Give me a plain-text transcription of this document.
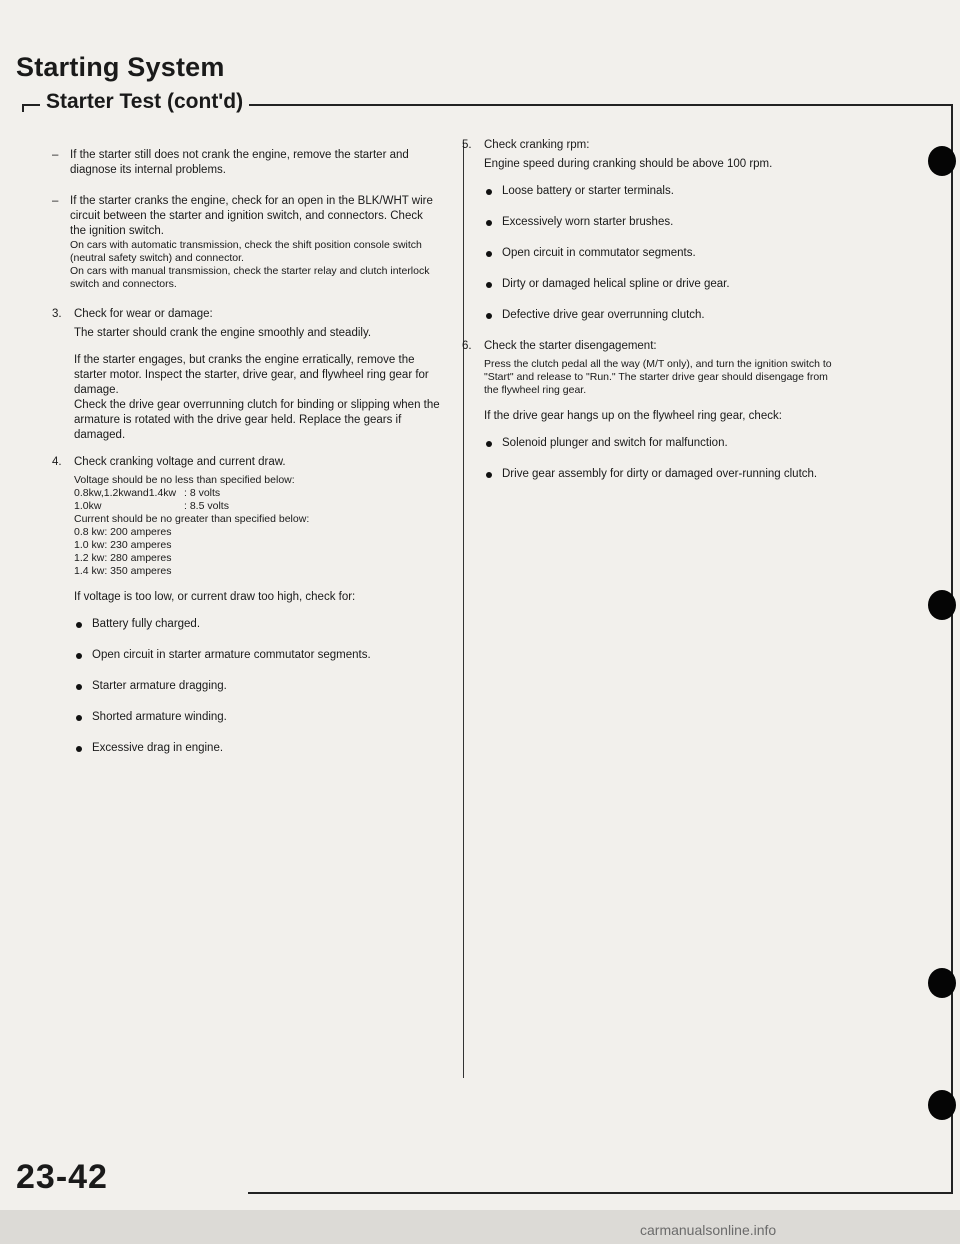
Starting System
Starter Test (cont'd)
–	If the starter still does not crank the engine, remove the starter and diagnose its internal problems.
–	If the starter cranks the engine, check for an open in the BLK/WHT wire circuit between the starter and ignition switch, and connectors. Check the ignition switch.
On cars with automatic transmission, check the shift position console switch (neutral safety switch) and connector.
On cars with manual transmission, check the starter relay and clutch interlock switch and connectors.
3.	Check for wear or damage:
The starter should crank the engine smoothly and steadily.
If the starter engages, but cranks the engine erratically, remove the starter motor. Inspect the starter, drive gear, and flywheel ring gear for damage.
Check the drive gear overrunning clutch for binding or slipping when the armature is rotated with the drive gear held. Replace the gears if damaged.
4.	Check cranking voltage and current draw.
Voltage should be no less than specified below:
0.8kw,1.2kwand1.4kw : 8 volts
1.0kw	: 8.5 volts
Current should be no greater than specified below:
0.8 kw: 200 amperes
1.0 kw: 230 amperes
1.2 kw: 280 amperes
1.4 kw: 350 amperes
If voltage is too low, or current draw too high, check for:
Battery fully charged.
Open circuit in starter armature commutator segments.
Starter armature dragging.
Shorted armature winding.
Excessive drag in engine.
5.	Check cranking rpm:
Engine speed during cranking should be above 100 rpm.
Loose battery or starter terminals.
Excessively worn starter brushes.
Open circuit in commutator segments.
Dirty or damaged helical spline or drive gear.
Defective drive gear overrunning clutch.
6.	Check the starter disengagement:
Press the clutch pedal all the way (M/T only), and turn the ignition switch to "Start" and release to "Run." The starter drive gear should disengage from the flywheel ring gear.
If the drive gear hangs up on the flywheel ring gear, check:
Solenoid plunger and switch for malfunction.
Drive gear assembly for dirty or damaged over-running clutch.
23-42
carmanualsonline.info
